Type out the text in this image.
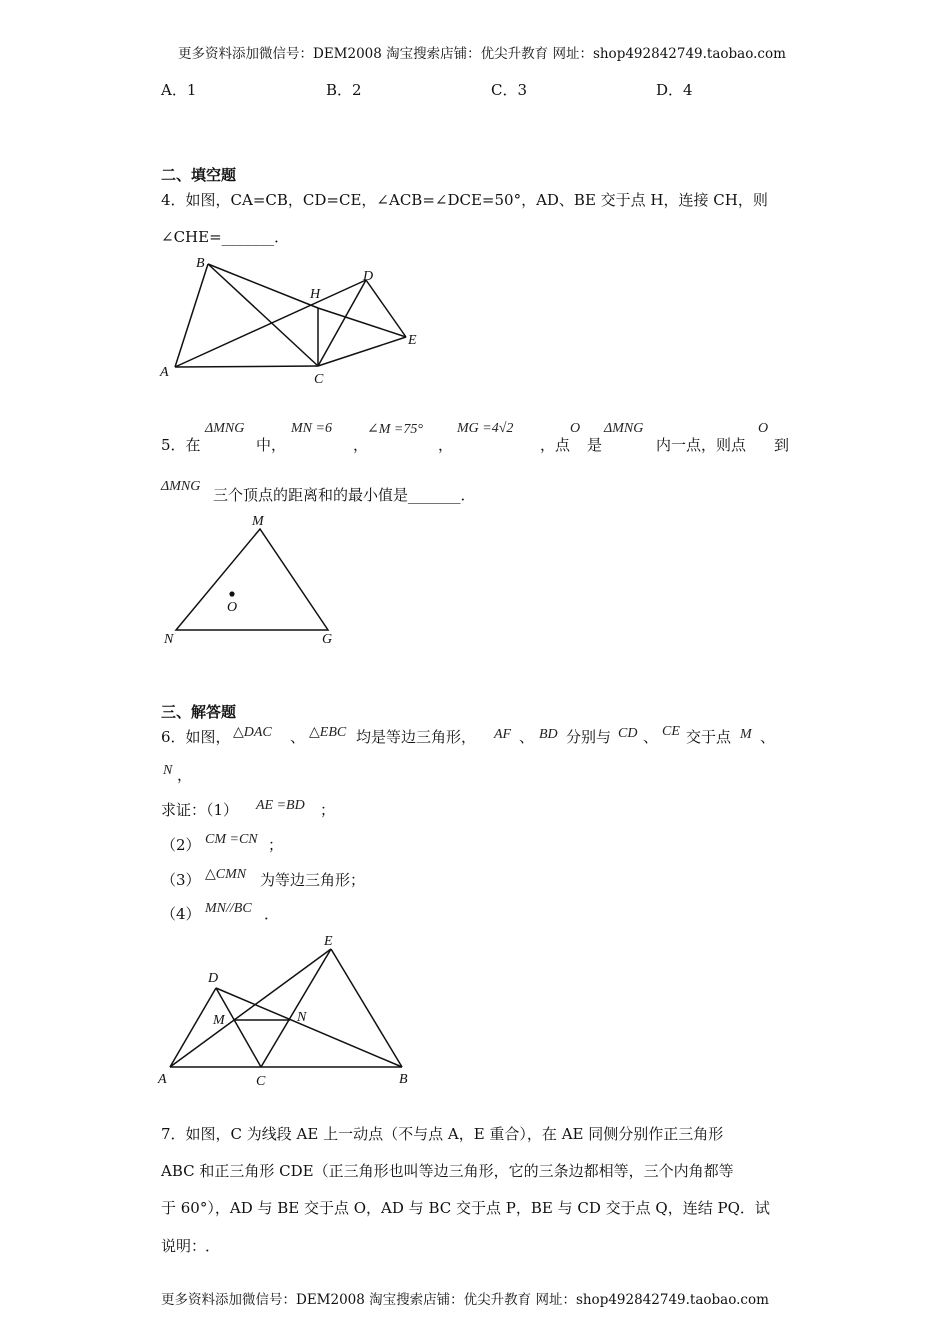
更多资料添加微信号：DEM2008 淘宝搜索店铺：优尖升教育 网址：shop492842749.taobao.com
A．1	B．2	C．3	D．4
二、填空题
4．如图，CA=CB，CD=CE，∠ACB=∠DCE=50°，AD、BE 交于点 H，连接 CH，则
∠CHE=_______．
B
H
D
E
A	C
5．在
ΔMNG
中，
MN =6
，
∠M =75°
，
MG =4√2
，点
O
是
ΔMNG
内一点，则点
O
到
ΔMNG 三个顶点的距离和的最小值是_______．
M
N	G
O
三、解答题
6．如图， △DAC 、 △EBC 均是等边三角形， AF 、 BD 分别与 CD 、 CE 交于点 M 、
N ，
求证：（1） AE =BD ；
（2） CM =CN ；
（3） △CMN 为等边三角形；
（4） MN//BC ．
E
D
M	N
A	C	B
7．如图，C 为线段 AE 上一动点（不与点 A，E 重合），在 AE 同侧分别作正三角形
ABC 和正三角形 CDE（正三角形也叫等边三角形，它的三条边都相等，三个内角都等
于 60°），AD 与 BE 交于点 O，AD 与 BC 交于点 P，BE 与 CD 交于点 Q，连结 PQ．试
说明：
．
更多资料添加微信号：DEM2008 淘宝搜索店铺：优尖升教育 网址：shop492842749.taobao.com
